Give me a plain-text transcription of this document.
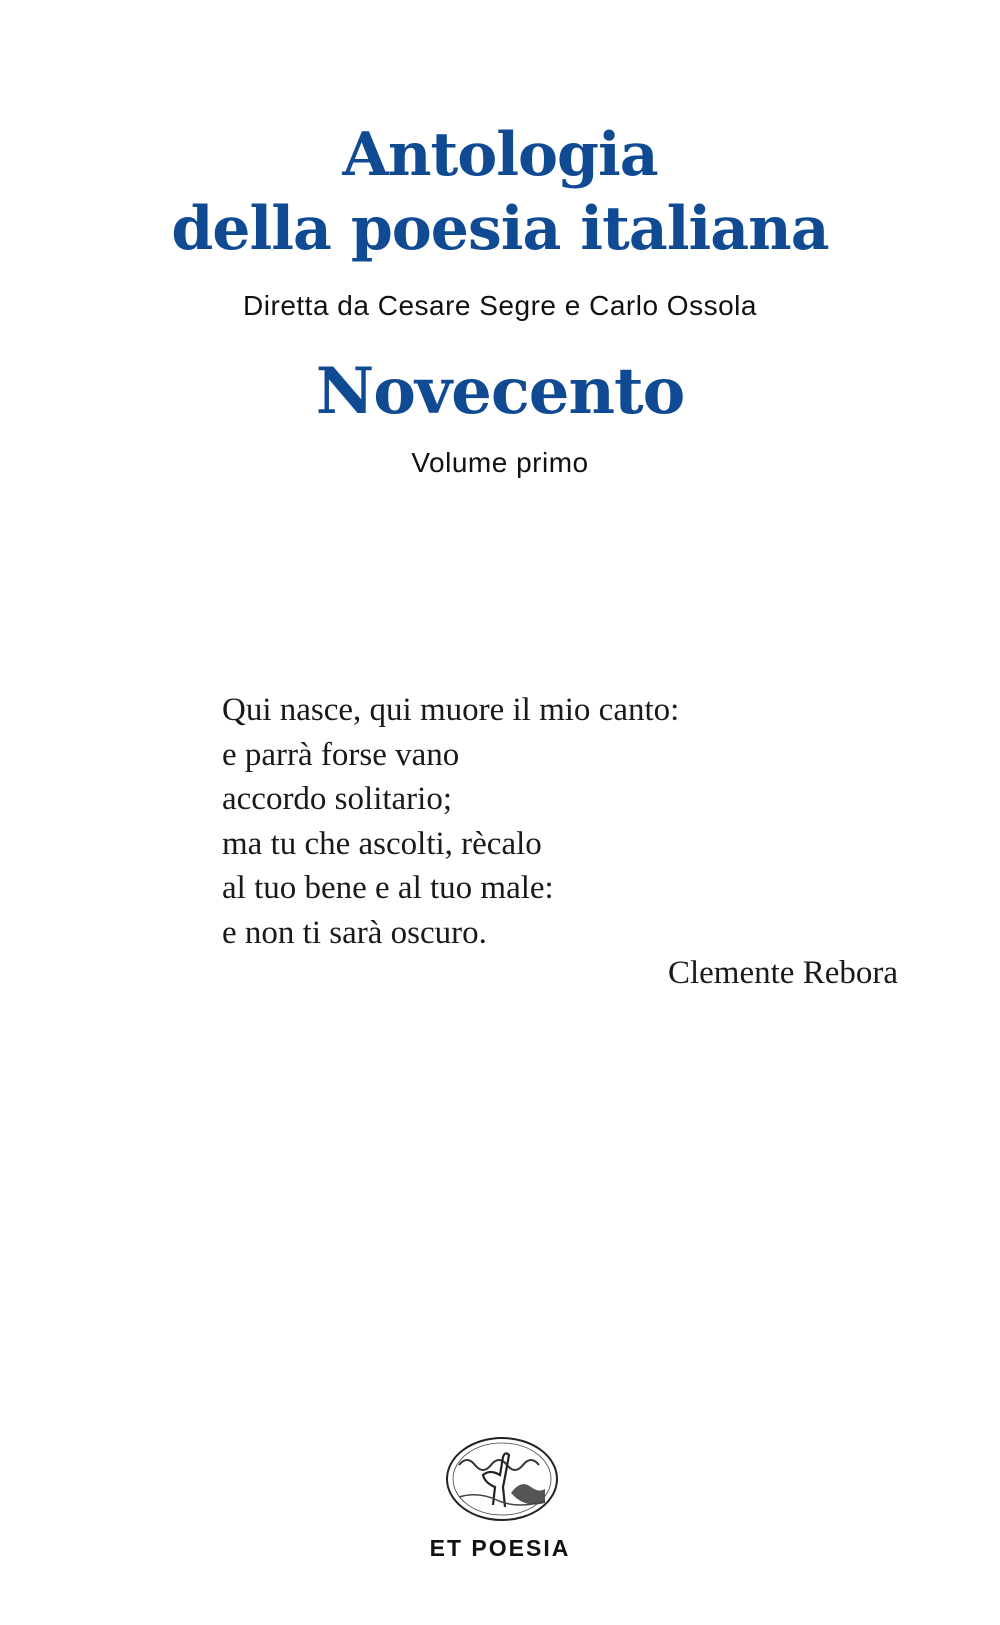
Antologia
della poesia italiana
Diretta da Cesare Segre e Carlo Ossola
Novecento
Volume primo
Qui nasce, qui muore il mio canto:
e parrà forse vano
accordo solitario;
ma tu che ascolti, rècalo
al tuo bene e al tuo male:
e non ti sarà oscuro.
Clemente Rebora
ET POESIA
